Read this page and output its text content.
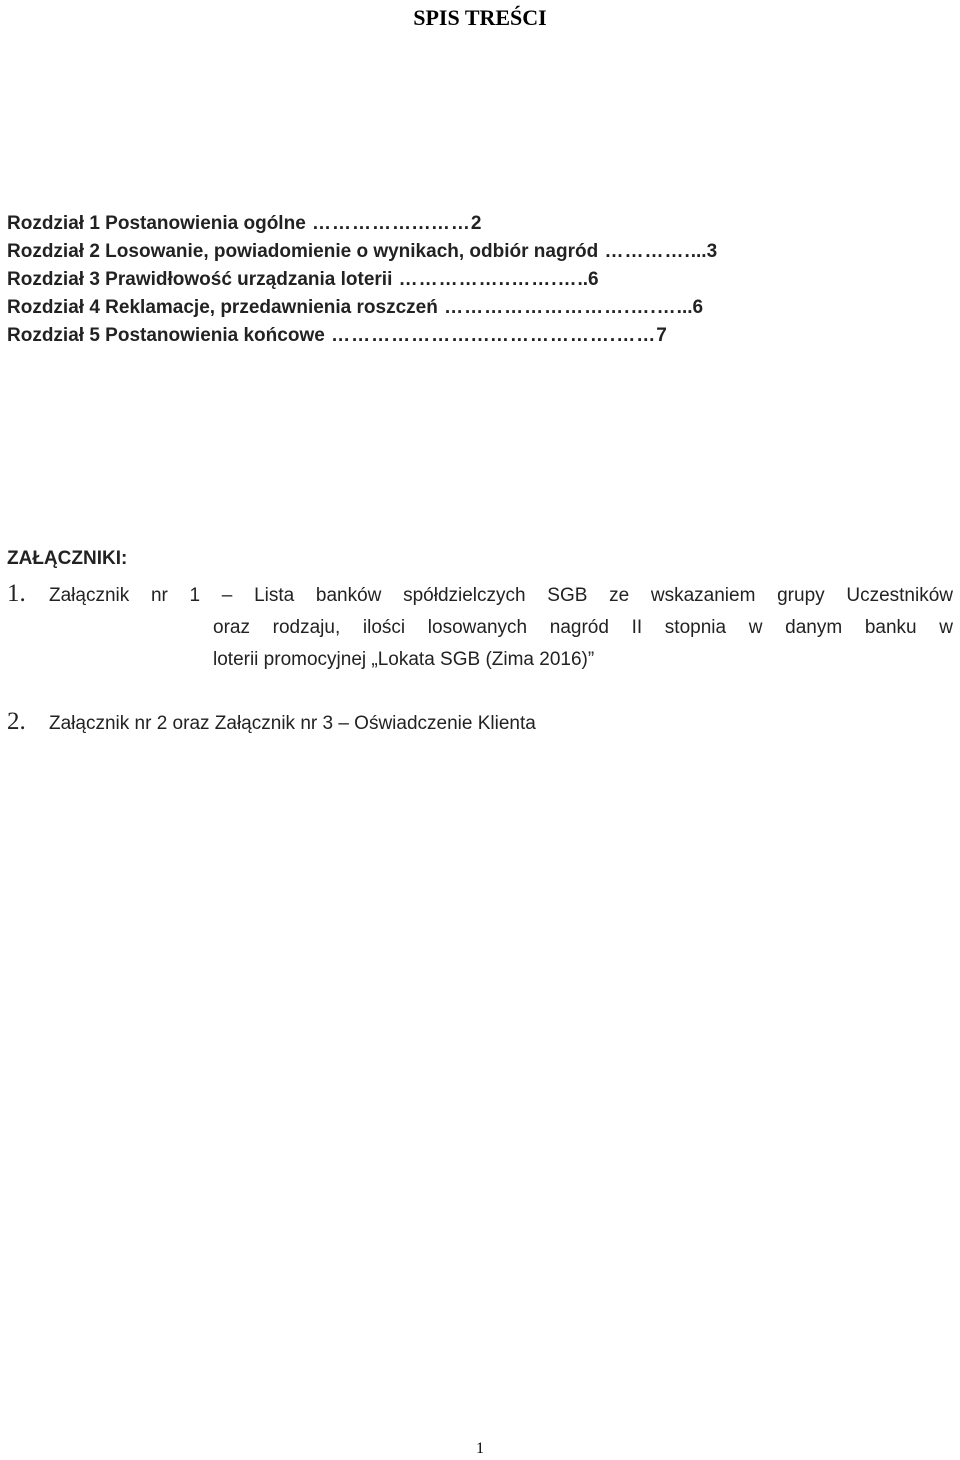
SPIS TREŚCI
Rozdział 1 Postanowienia ogólne ……………...……2
Rozdział 2 Losowanie, powiadomienie o wynikach, odbiór nagród …………....3
Rozdział 3 Prawidłowość urządzania loterii ……………..…….…..6
Rozdział 4 Reklamacje, przedawnienia roszczeń ……………………….….…...6
Rozdział 5 Postanowienia końcowe …………………...……………….……7
ZAŁĄCZNIKI:
1. Załącznik nr 1 – Lista banków spółdzielczych SGB ze wskazaniem grupy Uczestników
oraz rodzaju, ilości losowanych nagród II stopnia w danym banku w
loterii promocyjnej „Lokata SGB (Zima 2016)”
2. Załącznik nr 2 oraz Załącznik nr 3 – Oświadczenie Klienta
1
